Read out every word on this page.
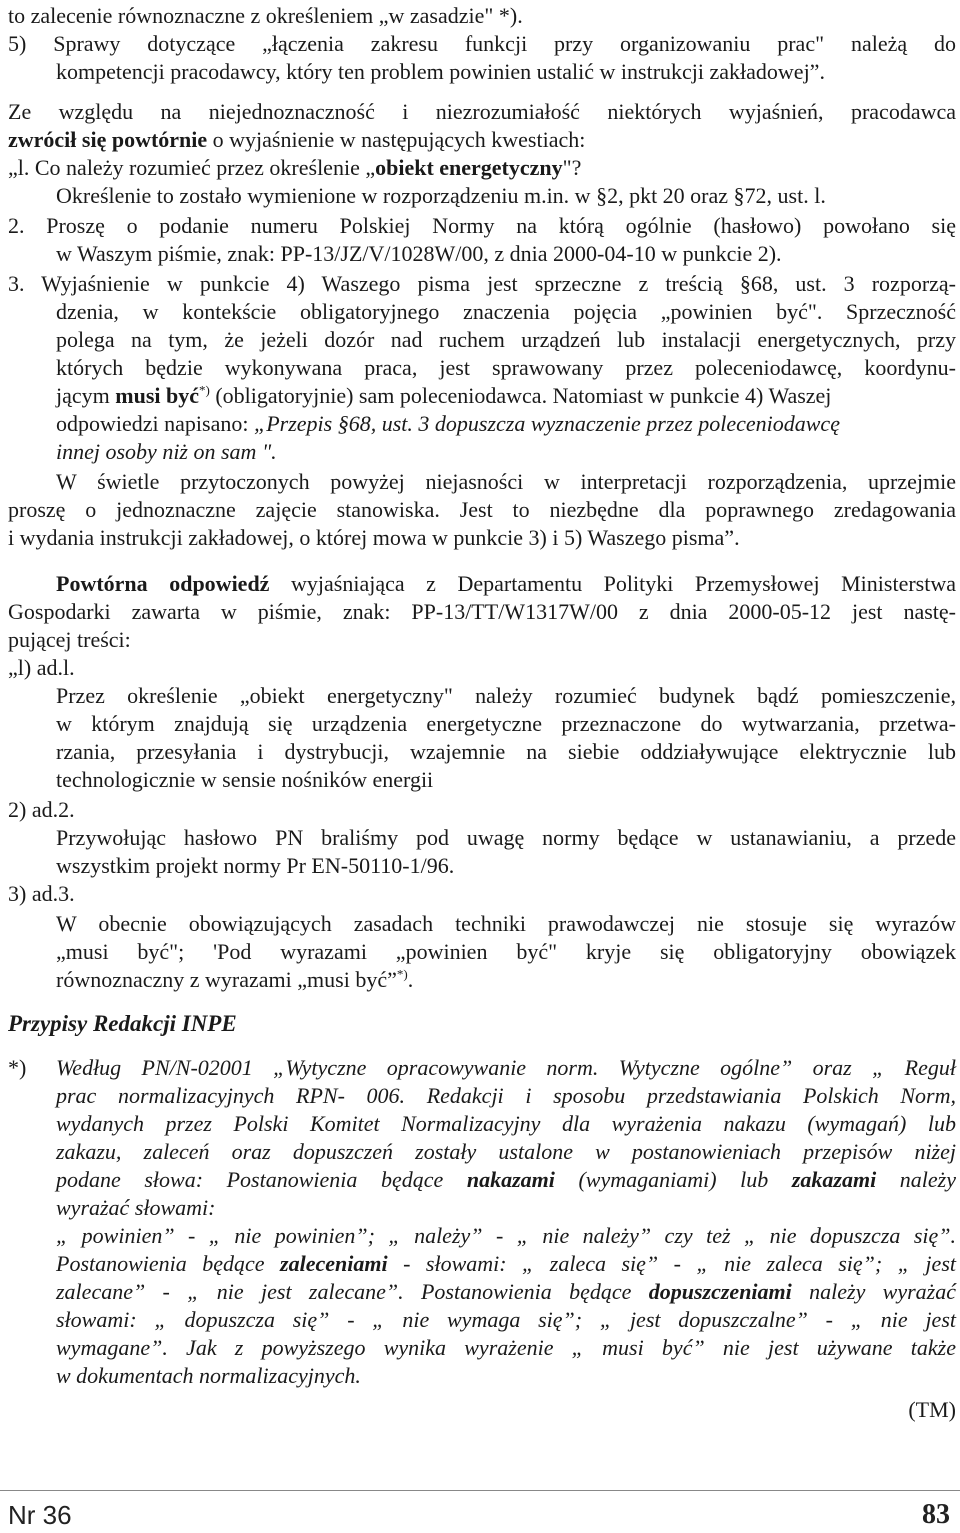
to zalecenie równoznaczne z określeniem „w zasadzie" *).
5) Sprawy dotyczące „łączenia zakresu funkcji przy organizowaniu prac" należą do
kompetencji pracodawcy, który ten problem powinien ustalić w instrukcji zakładowej”.
Ze względu na niejednoznaczność i niezrozumiałość niektórych wyjaśnień, pracodawca
zwrócił się powtórnie o wyjaśnienie w następujących kwestiach:
„l. Co należy rozumieć przez określenie „obiekt energetyczny"?
Określenie to zostało wymienione w rozporządzeniu m.in. w §2, pkt 20 oraz §72, ust. l.
2. Proszę o podanie numeru Polskiej Normy na którą ogólnie (hasłowo) powołano się
w Waszym piśmie, znak: PP-13/JZ/V/1028W/00, z dnia 2000-04-10 w punkcie 2).
3. Wyjaśnienie w punkcie 4) Waszego pisma jest sprzeczne z treścią §68, ust. 3 rozporzą-
dzenia, w kontekście obligatoryjnego znaczenia pojęcia „powinien być". Sprzeczność
polega na tym, że jeżeli dozór nad ruchem urządzeń lub instalacji energetycznych, przy
których będzie wykonywana praca, jest sprawowany przez poleceniodawcę, koordynu-
jącym musi być*) (obligatoryjnie) sam poleceniodawca. Natomiast w punkcie 4) Waszej
odpowiedzi napisano: „Przepis §68, ust. 3 dopuszcza wyznaczenie przez poleceniodawcę
innej osoby niż on sam ".
W świetle przytoczonych powyżej niejasności w interpretacji rozporządzenia, uprzejmie
proszę o jednoznaczne zajęcie stanowiska. Jest to niezbędne dla poprawnego zredagowania
i wydania instrukcji zakładowej, o której mowa w punkcie 3) i 5) Waszego pisma”.
Powtórna odpowiedź wyjaśniająca z Departamentu Polityki Przemysłowej Ministerstwa
Gospodarki zawarta w piśmie, znak: PP-13/TT/W1317W/00 z dnia 2000-05-12 jest nastę-
pującej treści:
„l) ad.l.
Przez określenie „obiekt energetyczny" należy rozumieć budynek bądź pomieszczenie,
w którym znajdują się urządzenia energetyczne przeznaczone do wytwarzania, przetwa-
rzania, przesyłania i dystrybucji, wzajemnie na siebie oddziaływujące elektrycznie lub
technologicznie w sensie nośników energii
2) ad.2.
Przywołując hasłowo PN braliśmy pod uwagę normy będące w ustanawianiu, a przede
wszystkim projekt normy Pr EN-50110-1/96.
3) ad.3.
W obecnie obowiązujących zasadach techniki prawodawczej nie stosuje się wyrazów
„musi być"; 'Pod wyrazami „powinien być" kryje się obligatoryjny obowiązek
równoznaczny z wyrazami „musi być”*).
Przypisy Redakcji INPE
*) Według PN/N-02001 „Wytyczne opracowywanie norm. Wytyczne ogólne” oraz „ Reguł
prac normalizacyjnych RPN- 006. Redakcji i sposobu przedstawiania Polskich Norm,
wydanych przez Polski Komitet Normalizacyjny dla wyrażenia nakazu (wymagań) lub
zakazu, zaleceń oraz dopuszczeń zostały ustalone w postanowieniach przepisów niżej
podane słowa: Postanowienia będące nakazami (wymaganiami) lub zakazami należy
wyrażać słowami:
„ powinien” - „ nie powinien”; „ należy” - „ nie należy” czy też „ nie dopuszcza się”.
Postanowienia będące zaleceniami - słowami: „ zaleca się” - „ nie zaleca się”; „ jest
zalecane” - „ nie jest zalecane”. Postanowienia będące dopuszczeniami należy wyrażać
słowami: „ dopuszcza się” - „ nie wymaga się”; „ jest dopuszczalne” - „ nie jest
wymagane”. Jak z powyższego wynika wyrażenie „ musi być” nie jest używane także
w dokumentach normalizacyjnych.
(TM)
Nr 36	83
